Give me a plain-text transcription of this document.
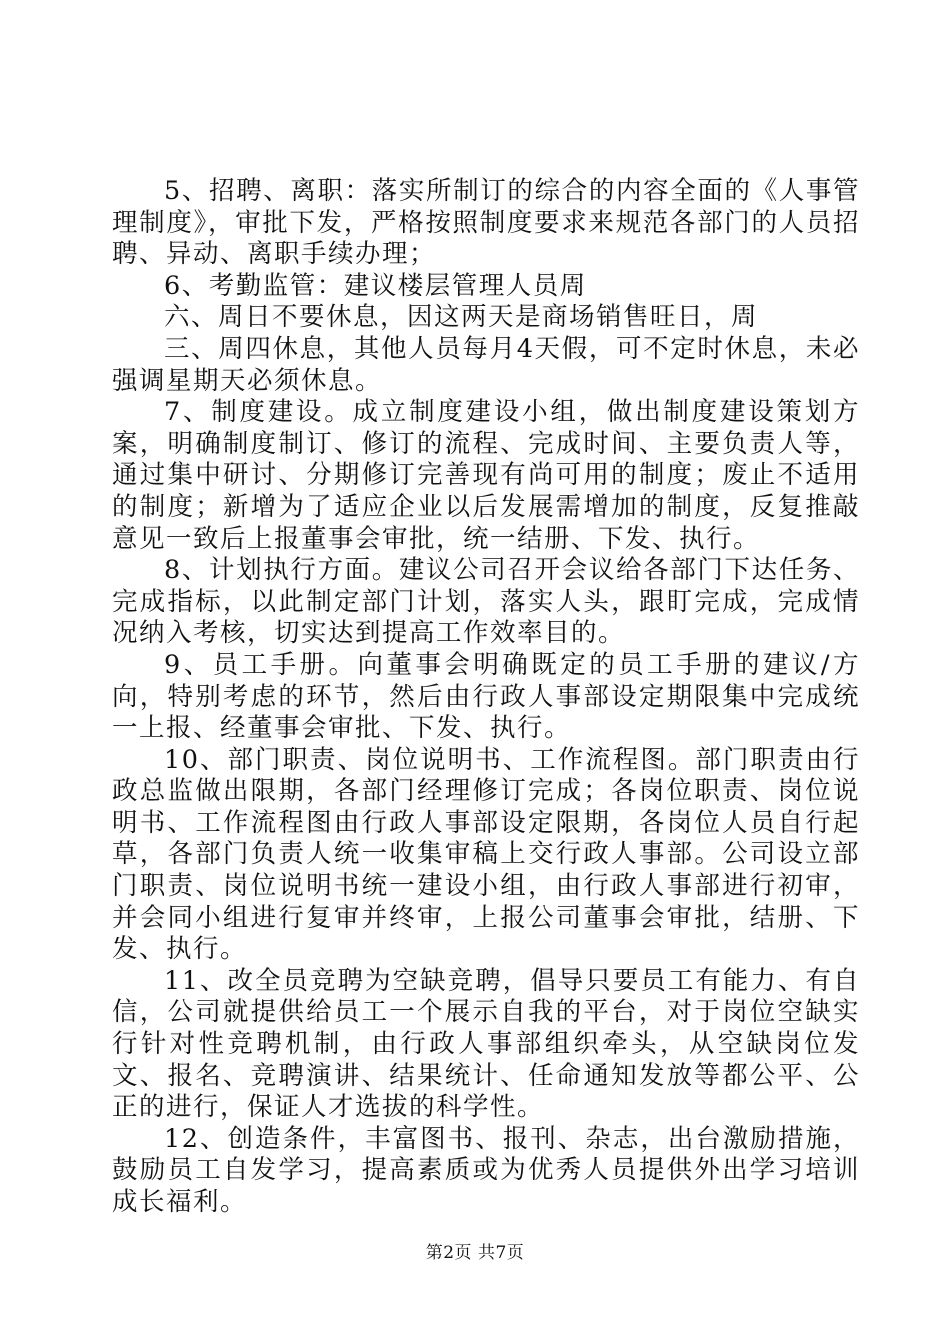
5、招聘、离职：落实所制订的综合的内容全面的《人事管理制度》，审批下发，严格按照制度要求来规范各部门的人员招聘、异动、离职手续办理；

6、考勤监管：建议楼层管理人员周

六、周日不要休息，因这两天是商场销售旺日，周

三、周四休息，其他人员每月4天假，可不定时休息，未必强调星期天必须休息。

7、制度建设。成立制度建设小组，做出制度建设策划方案，明确制度制订、修订的流程、完成时间、主要负责人等，通过集中研讨、分期修订完善现有尚可用的制度；废止不适用的制度；新增为了适应企业以后发展需增加的制度，反复推敲意见一致后上报董事会审批，统一结册、下发、执行。

8、计划执行方面。建议公司召开会议给各部门下达任务、完成指标，以此制定部门计划，落实人头，跟盯完成，完成情况纳入考核，切实达到提高工作效率目的。

9、员工手册。向董事会明确既定的员工手册的建议/方向，特别考虑的环节，然后由行政人事部设定期限集中完成统一上报、经董事会审批、下发、执行。

10、部门职责、岗位说明书、工作流程图。部门职责由行政总监做出限期，各部门经理修订完成；各岗位职责、岗位说明书、工作流程图由行政人事部设定限期，各岗位人员自行起草，各部门负责人统一收集审稿上交行政人事部。公司设立部门职责、岗位说明书统一建设小组，由行政人事部进行初审，并会同小组进行复审并终审，上报公司董事会审批，结册、下发、执行。

11、改全员竞聘为空缺竞聘，倡导只要员工有能力、有自信，公司就提供给员工一个展示自我的平台，对于岗位空缺实行针对性竞聘机制，由行政人事部组织牵头，从空缺岗位发文、报名、竞聘演讲、结果统计、任命通知发放等都公平、公正的进行，保证人才选拔的科学性。

12、创造条件，丰富图书、报刊、杂志，出台激励措施，鼓励员工自发学习，提高素质或为优秀人员提供外出学习培训成长福利。

第2页 共7页
